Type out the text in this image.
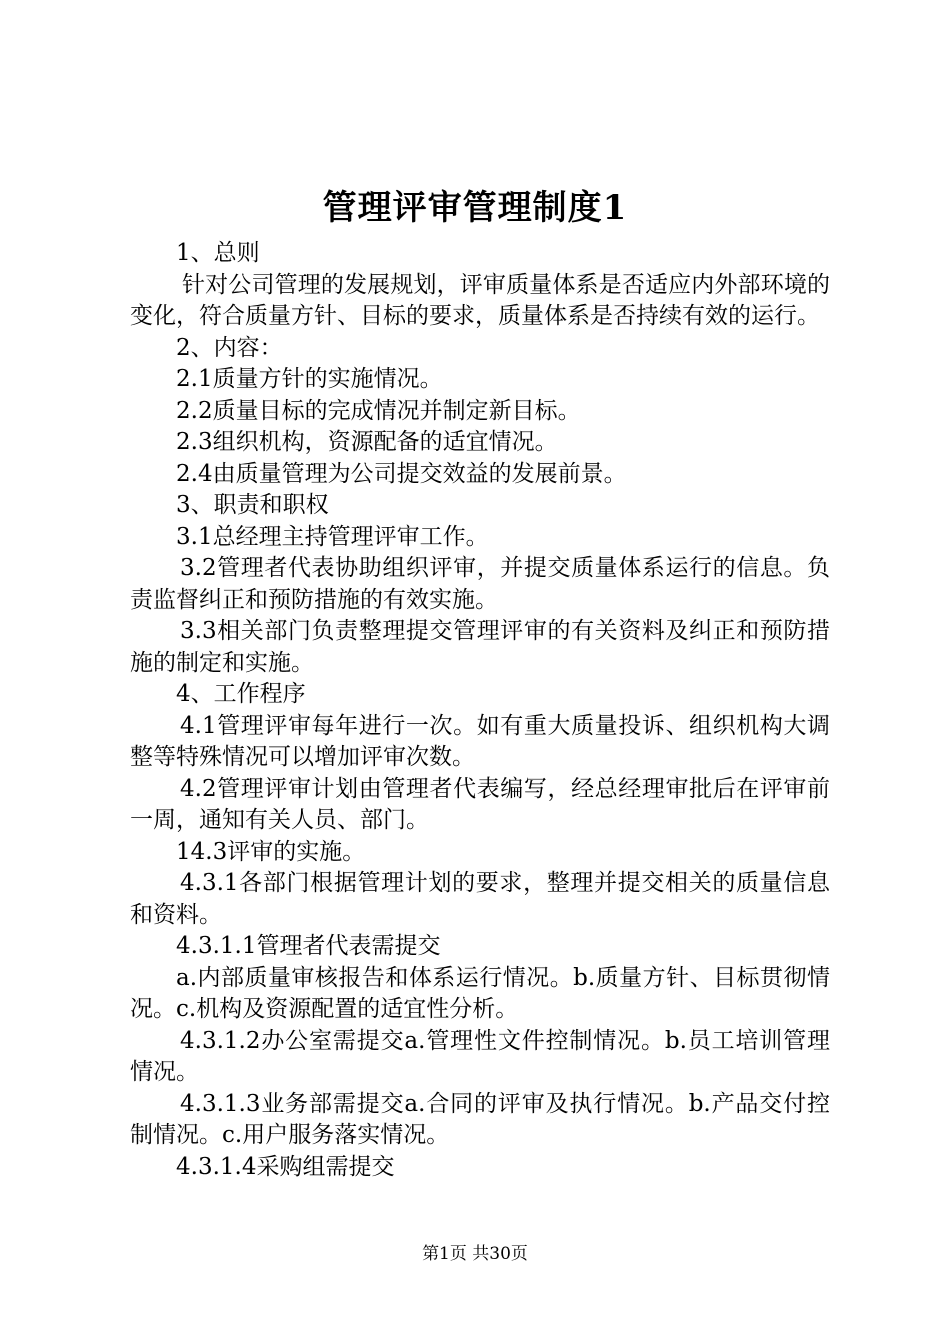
管理评审管理制度1

1、总则

针对公司管理的发展规划，评审质量体系是否适应内外部环境的变化，符合质量方针、目标的要求，质量体系是否持续有效的运行。

2、内容：

2.1质量方针的实施情况。

2.2质量目标的完成情况并制定新目标。

2.3组织机构，资源配备的适宜情况。

2.4由质量管理为公司提交效益的发展前景。

3、职责和职权

3.1总经理主持管理评审工作。

3.2管理者代表协助组织评审，并提交质量体系运行的信息。负责监督纠正和预防措施的有效实施。

3.3相关部门负责整理提交管理评审的有关资料及纠正和预防措施的制定和实施。

4、工作程序

4.1管理评审每年进行一次。如有重大质量投诉、组织机构大调整等特殊情况可以增加评审次数。

4.2管理评审计划由管理者代表编写，经总经理审批后在评审前一周，通知有关人员、部门。

14.3评审的实施。

4.3.1各部门根据管理计划的要求，整理并提交相关的质量信息和资料。

4.3.1.1管理者代表需提交

a.内部质量审核报告和体系运行情况。b.质量方针、目标贯彻情况。c.机构及资源配置的适宜性分析。

4.3.1.2办公室需提交a.管理性文件控制情况。b.员工培训管理情况。

4.3.1.3业务部需提交a.合同的评审及执行情况。b.产品交付控制情况。c.用户服务落实情况。

4.3.1.4采购组需提交

第1页 共30页
